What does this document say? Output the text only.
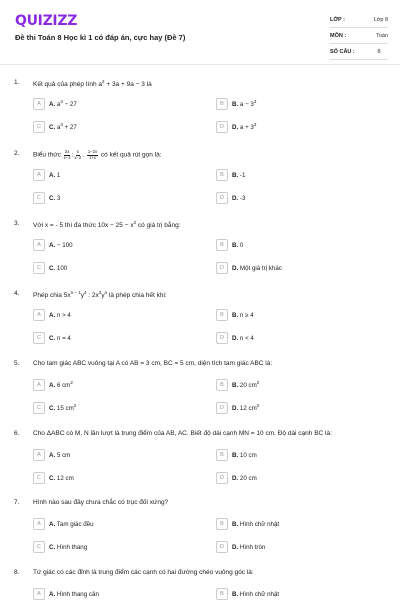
QUIZIZZ
Đề thi Toán 8 Học kì 1 có đáp án, cực hay (Đề 7)
LỚP :	Lớp 8
MÔN :	Toán
SỐ CÂU :	8
1. Kết quả của phép tính $a^2 + 3a + 9a - 3$ là
A	A. $a^3 - 27$	B	B. $a - 3^3$
C	C. $a^3 + 27$	D	D. $a + 3^3$
2. Biểu thức $\frac{2x}{x-2}$ : $\frac{x}{x-2}$ . $\frac{1-2x}{1+x}$ có kết quả rút gọn là:
A	A. 1	B	B. -1
C	C. 3	D	D. -3
3. Với x = - 5 thì đa thức $10x - 25 - x^2$ có giá trị bằng:
A	A. − 100	B	B. 0
C	C. 100	D	D. Một giá trị khác
4. Phép chia $5x^{n - 1}y^4$ : $2x^3y^n$ là phép chia hết khi:
A	A. n > 4	B	B. n ≥ 4
C	C. n = 4	D	D. n < 4
5. Cho tam giác ABC vuông tại A có AB = 3 cm, BC = 5 cm, diện tích tam giác ABC là:
A	A. 6 $cm^2$	B	B. 20 $cm^2$
C	C. 15 $cm^2$	D	D. 12 $cm^2$
6. Cho ΔABC có M, N lần lượt là trung điểm của AB, AC. Biết độ dài cạnh MN = 10 cm. Độ dài cạnh BC là:
A	A. 5 cm	B	B. 10 cm
C	C. 12 cm	D	D. 20 cm
7. Hình nào sau đây chưa chắc có trục đối xứng?
A	A. Tam giác đều	B	B. Hình chữ nhật
C	C. Hình thang	D	D. Hình tròn
8. Tứ giác có các đỉnh là trung điểm các cạnh có hai đường chéo vuông góc là:
A	A. Hình thang cân	B	B. Hình chữ nhật
